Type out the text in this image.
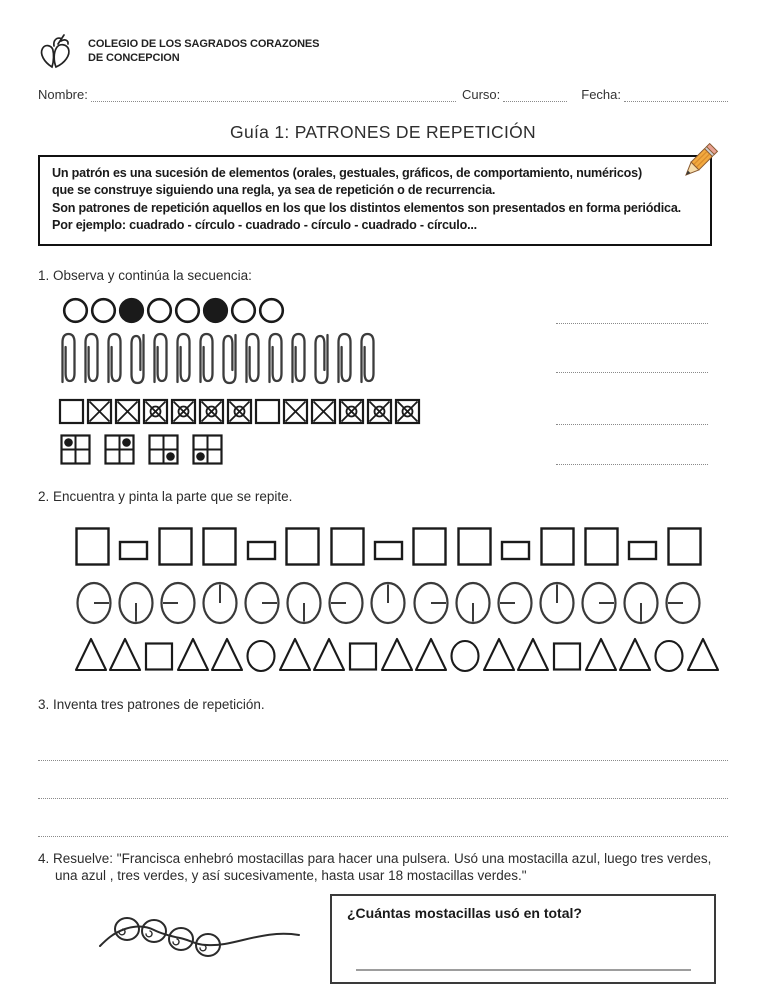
COLEGIO DE LOS SAGRADOS CORAZONES
DE CONCEPCION
Nombre:	Curso:	Fecha:
Guía 1: PATRONES DE REPETICIÓN

Un patrón es una sucesión de elementos (orales, gestuales, gráficos, de comportamiento, numéricos)

que se construye siguiendo una regla, ya sea de repetición o de recurrencia.

Son patrones de repetición aquellos en los que los distintos elementos son presentados en forma periódica.

Por ejemplo: cuadrado - círculo - cuadrado - círculo - cuadrado - círculo...

1. Observa y continúa la secuencia:

2. Encuentra y pinta la parte que se repite.

3. Inventa tres patrones de repetición.

4. Resuelve: "Francisca enhebró mostacillas para hacer una pulsera. Usó una mostacilla azul, luego tres verdes,
una azul , tres verdes, y así sucesivamente, hasta usar 18 mostacillas verdes."

¿Cuántas mostacillas usó en total?
